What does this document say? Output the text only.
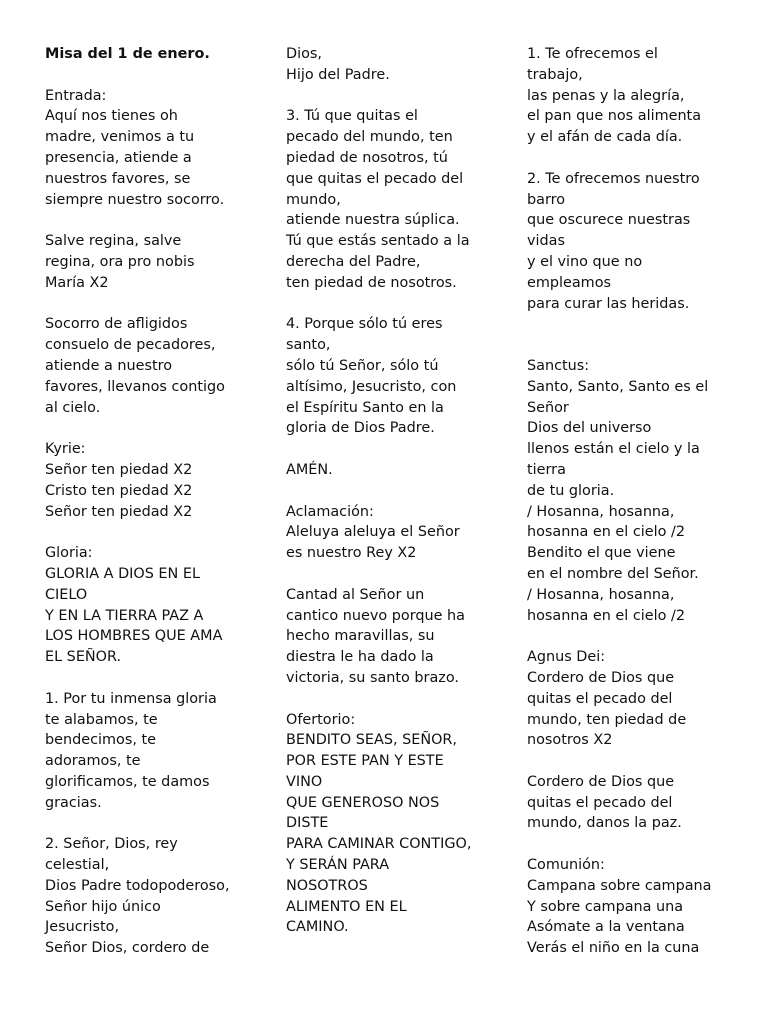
Misa del 1 de enero.
Entrada:
Aquí nos tienes oh
madre, venimos a tu
presencia, atiende a
nuestros favores, se
siempre nuestro socorro.
Salve regina, salve
regina, ora pro nobis
María X2
Socorro de afligidos
consuelo de pecadores,
atiende a nuestro
favores, llevanos contigo
al cielo.
Kyrie:
Señor ten piedad X2
Cristo ten piedad X2
Señor ten piedad X2
Gloria:
GLORIA A DIOS EN EL
CIELO
Y EN LA TIERRA PAZ A
LOS HOMBRES QUE AMA
EL SEÑOR.
1. Por tu inmensa gloria
te alabamos, te
bendecimos, te
adoramos, te
glorificamos, te damos
gracias.
2. Señor, Dios, rey
celestial,
Dios Padre todopoderoso,
Señor hijo único
Jesucristo,
Señor Dios, cordero de
Dios,
Hijo del Padre.
3. Tú que quitas el
pecado del mundo, ten
piedad de nosotros, tú
que quitas el pecado del
mundo,
atiende nuestra súplica.
Tú que estás sentado a la
derecha del Padre,
ten piedad de nosotros.
4. Porque sólo tú eres
santo,
sólo tú Señor, sólo tú
altísimo, Jesucristo, con
el Espíritu Santo en la
gloria de Dios Padre.
AMÉN.
Aclamación:
Aleluya aleluya el Señor
es nuestro Rey X2
Cantad al Señor un
cantico nuevo porque ha
hecho maravillas, su
diestra le ha dado la
victoria, su santo brazo.
Ofertorio:
BENDITO SEAS, SEÑOR,
POR ESTE PAN Y ESTE
VINO
QUE GENEROSO NOS
DISTE
PARA CAMINAR CONTIGO,
Y SERÁN PARA
NOSOTROS
ALIMENTO EN EL
CAMINO.
1. Te ofrecemos el
trabajo,
las penas y la alegría,
el pan que nos alimenta
y el afán de cada día.
2. Te ofrecemos nuestro
barro
que oscurece nuestras
vidas
y el vino que no
empleamos
para curar las heridas.
Sanctus:
Santo, Santo, Santo es el
Señor
Dios del universo
llenos están el cielo y la
tierra
de tu gloria.
/ Hosanna, hosanna,
hosanna en el cielo /2
Bendito el que viene
en el nombre del Señor.
/ Hosanna, hosanna,
hosanna en el cielo /2
Agnus Dei:
Cordero de Dios que
quitas el pecado del
mundo, ten piedad de
nosotros X2
Cordero de Dios que
quitas el pecado del
mundo, danos la paz.
Comunión:
Campana sobre campana
Y sobre campana una
Asómate a la ventana
Verás el niño en la cuna
